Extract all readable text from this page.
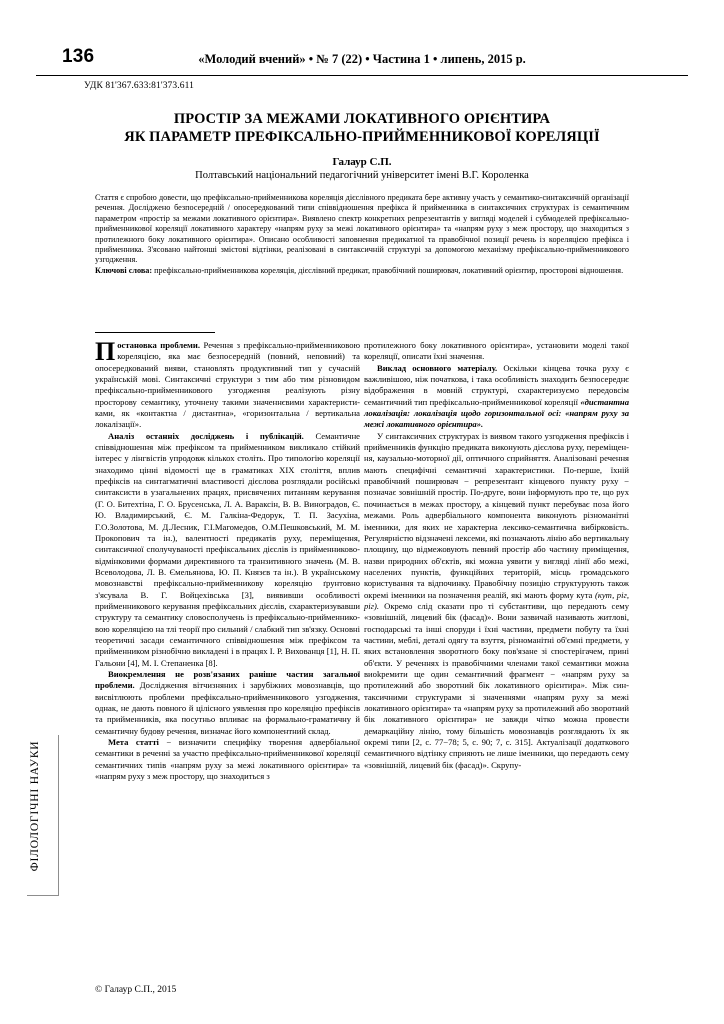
136	«Молодий вчений» • № 7 (22) • Частина 1 • липень, 2015 р.
УДК 81'367.633:81'373.611
ПРОСТІР ЗА МЕЖАМИ ЛОКАТИВНОГО ОРІЄНТИРА
ЯК ПАРАМЕТР ПРЕФІКСАЛЬНО-ПРИЙМЕННИКОВОЇ КОРЕЛЯЦІЇ
Галаур С.П.
Полтавський національний педагогічний університет імені В.Г. Короленка

Стаття є спробою довести, що префіксально-прийменникова кореляція дієслівного предиката бере активну участь у семантико-синтаксичній організації речення. Досліджено безпосередній / опосередкований типи співвідношення префікса й прийменника в синтаксичних структурах із семантичним параметром «простір за межами локативного орієнтира». Виявлено спектр конкретних репрезентантів у вигляді моделей і субмоделей префіксально-прийменникової кореляції локативного характеру «напрям руху за межі локативного орієнтира» та «напрям руху з меж простору, що знаходиться з протилежного боку локативного орієнтира». Описано особливості заповнення предикатної та правобічної позиції речень із кореляцією префікса і прийменника. З'ясовано найтонші змістові відтінки, реалізовані в синтаксичній структурі за допомогою механізму префіксально-прийменникового узгодження.

Ключові слова: префіксально-прийменникова кореляція, дієслівний предикат, правобічний поширювач, локативний орієнтир, просторові відношення.

Постановка проблеми. Речення з префіксально-прийменниковою кореляцією, яка має безпосередній (повний, неповний) та опосередкований вияви, становлять продуктивний тип у сучасній українській мові. Синтаксичні структури з тим або тим різновидом префіксально-прийменникового узгодження реалізують різну просторову семантику, уточнену такими значеннєвими характеристиками, як «контактна / дистантна», «горизонтальна / вертикальна локалізації».

Аналіз останніх досліджень і публікацій. Семантичне співвідношення між префіксом та прийменником викликало стійкий інтерес у лінгвістів упродовж кількох століть. Про типологію кореляції знаходимо цінні відомості ще в граматиках XIX століття, вплив префіксів на синтагматичні властивості дієслова розглядали російські синтаксисти в узагальнених працях, присвячених питанням керування (Г. О. Битехтіна, Г. О. Брусенська, Л. А. Вараксін, В. В. Виноградов, Є. Ю. Владимирський, Є. М. Галкіна-Федорук, Т. П. Засухіна, Г.О.Золотова, М. Д.Лесник, Г.І.Магомедов, О.М.Пешковський, М. М. Прокопович та ін.), валентності предикатів руху, переміщення, синтаксичної сполучуваності префіксальних дієслів із прийменниково-відмінковими формами директивного та транзитивного значень (М. В. Всеволодова, Л. В. Ємельянова, Ю. П. Князєв та ін.). В українському мовознавстві префіксально-прийменникову кореляцію ґрунтовно з'ясувала В. Г. Войцехівська [3], виявивши особливості прийменникового керування префіксальних дієслів, схарактеризувавши структуру та семантику словосполучень із префіксально-прийменниковою кореляцією на тлі теорії про сильний / слабкий тип зв'язку. Основні теоретичні засади семантичного співвідношення між префіксом та прийменником різнобічно викладені і в працях І. Р. Вихованця [1], Н. П. Гальони [4], М. І. Степаненка [8].

Виокремлення не розв'язаних раніше частин загальної проблеми. Дослідження вітчизняних і зарубіжних мовознавців, що висвітлюють проблеми префіксально-прийменникового узгодження, однак, не дають повного й цілісного уявлення про кореляцію префіксів та прийменників, яка посутньо впливає на формально-граматичну й семантичну будову речення, визначає його компонентний склад.

Мета статті − визначити специфіку творення адвербіальної семантики в реченні за участю префіксально-прийменникової кореляції семантичних типів «напрям руху за межі локативного орієнтира» та «напрям руху з меж простору, що знаходиться з

протилежного боку локативного орієнтира», установити моделі такої кореляції, описати їхні значення.

Виклад основного матеріалу. Оскільки кінцева точка руху є важливішою, ніж початкова, і така особливість знаходить безпосереднє відображення в мовній структурі, схарактеризуємо передовсім семантичний тип префіксально-прийменникової кореляції «дистантна локалізація: локалізація щодо горизонтальної осі: «напрям руху за межі локативного орієнтира».

У синтаксичних структурах із виявом такого узгодження префіксів і прийменників функцію предиката виконують дієслова руху, переміщення, каузально-моторної дії, оптичного сприйняття. Аналізовані речення мають специфічні семантичні характеристики. По-перше, їхній правобічний поширювач − репрезентант кінцевого пункту руху − позначає зовнішній простір. По-друге, вони інформують про те, що рух починається в межах простору, а кінцевий пункт перебуває поза його межами. Роль адвербіального компонента виконують різноманітні іменники, для яких не характерна лексико-семантична вибірковість. Регулярністю відзначені лексеми, які позначають лінію або вертикальну площину, що відмежовують певний простір або частину приміщення, назви природних об'єктів, які можна уявити у вигляді лінії або межі, населених пунктів, функційних територій, місць громадського користування та відпочинку. Правобічну позицію структурують також окремі іменники на позначення реалій, які мають форму кута (кут, ріг, ріг). Окремо слід сказати про ті субстантиви, що передають сему «зовнішній, лицевий бік (фасад)». Вони зазвичай називають житлові, господарські та інші споруди і їхні частини, предмети побуту та їхні частини, меблі, деталі одягу та взуття, різноманітні об'ємні предмети, у яких встановлення зворотного боку пов'язане зі спостерігачем, прині об'єкти. У реченнях із правобічними членами такої семантики можна виokремити ще один семантичний фрагмент − «напрям руху за протилежний або зворотний бік локативного орієнтира». Між синтаксичними структурами зі значеннями «напрям руху за межі локативного орієнтира» та «напрям руху за протилежний або зворотний бік локативного орієнтира» не завжди чітко можна провести демаркаційну лінію, тому більшість мовознавців розглядають їх як окремі типи [2, с. 77−78; 5, с. 90; 7, с. 315]. Актуалізації додаткового семантичного відтінку сприяють не лише іменники, що передають сему «зовнішній, лицевий бік (фасад)». Скрупу-

ФІЛОЛОГІЧНІ НАУКИ
© Галаур С.П., 2015
